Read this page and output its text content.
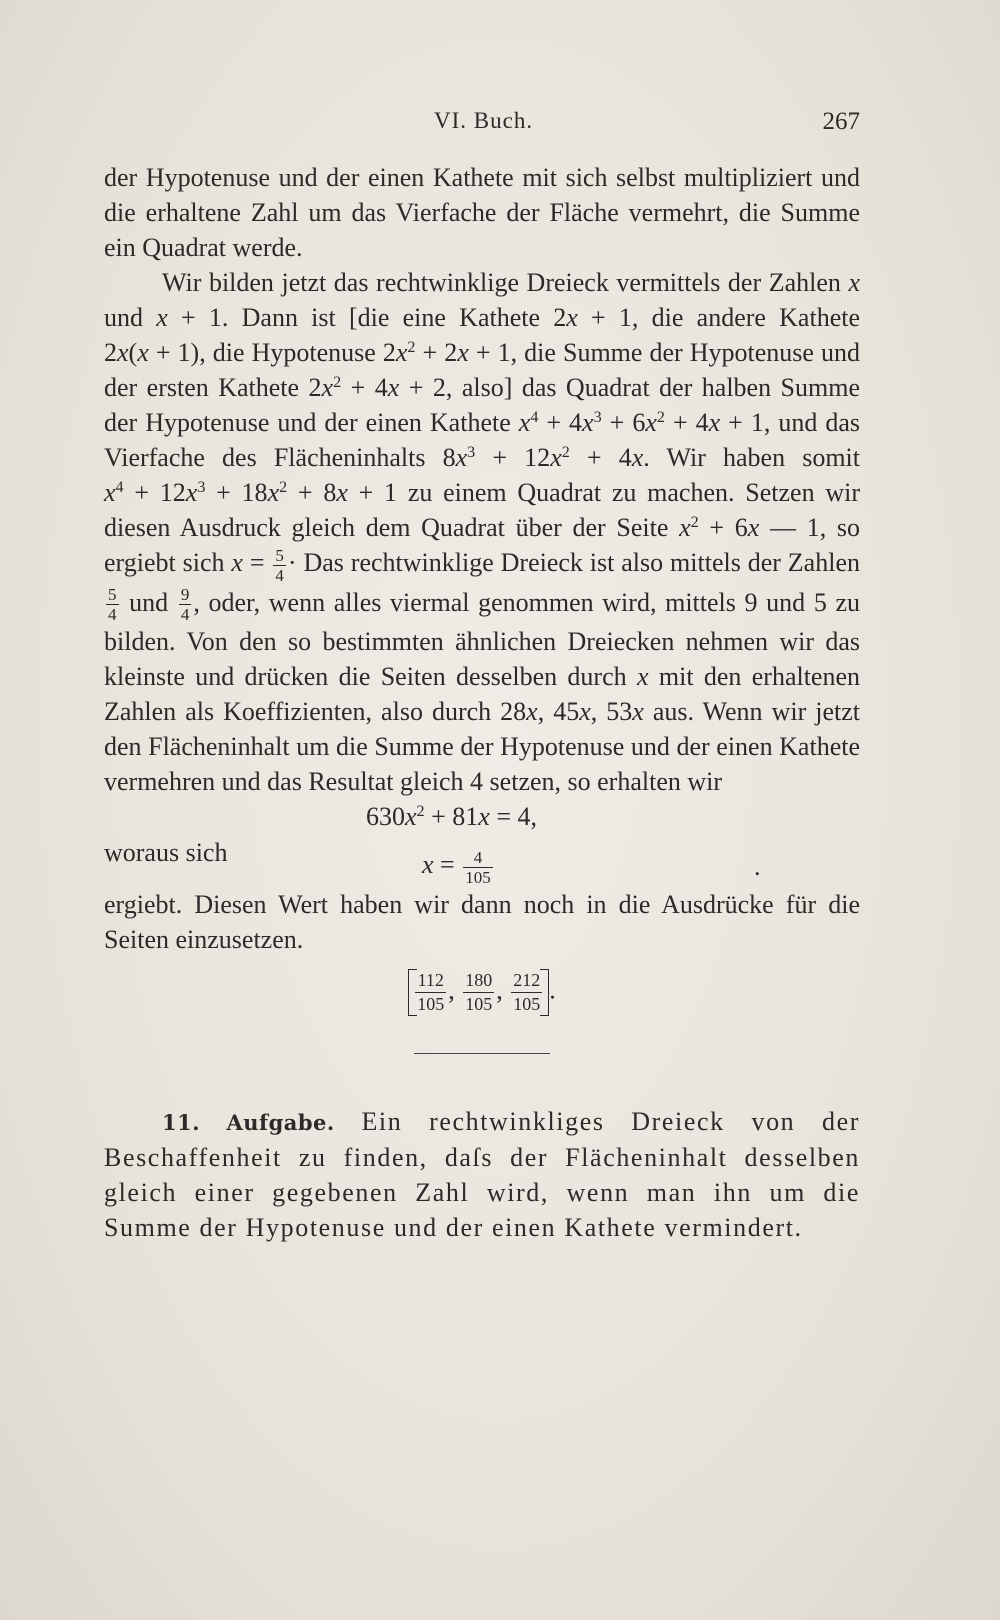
VI. Buch.	267

der Hypotenuse und der einen Kathete mit sich selbst multipliziert und die erhaltene Zahl um das Vierfache der Fläche vermehrt, die Summe ein Quadrat werde.

Wir bilden jetzt das rechtwinklige Dreieck vermittels der Zahlen x und x + 1. Dann ist [die eine Kathete 2x + 1, die andere Kathete 2x(x + 1), die Hypotenuse $2x^2 + 2x + 1$, die Summe der Hypotenuse und der ersten Kathete $2x^2 + 4x + 2$, also] das Quadrat der halben Summe der Hypotenuse und der einen Kathete $x^4 + 4x^3 + 6x^2 + 4x + 1$, und das Vierfache des Flächeninhalts $8x^3 + 12x^2 + 4x$. Wir haben somit $x^4 + 12x^3 + 18x^2 + 8x + 1$ zu einem Quadrat zu machen. Setzen wir diesen Ausdruck gleich dem Quadrat über der Seite $x^2 + 6x$ — 1, so ergiebt sich $x = \frac{5}{4}$ · Das rechtwinklige Dreieck ist also mittels der Zahlen
$\frac{5}{4}$ und $\frac{9}{4}$ , oder, wenn alles viermal genommen wird, mittels 9 und 5 zu bilden. Von den so bestimmten ähnlichen Dreiecken nehmen wir das kleinste und drücken die Seiten desselben durch x mit den erhaltenen Zahlen als Koeffizienten, also durch 28x, 45x, 53x aus. Wenn wir jetzt den Flächeninhalt um die Summe der Hypotenuse und der einen Kathete vermehren und das Resultat gleich 4 setzen, so erhalten wir

$630x^2 + 81x = 4$,
woraus sich	$x = \frac{4}{105}$	.

ergiebt. Diesen Wert haben wir dann noch in die Ausdrücke für die Seiten einzusetzen.

$\frac{112}{105}$ , $\frac{180}{105}$ , $\frac{212}{105}$ .

11. Aufgabe. Ein rechtwinkliges Dreieck von der Beschaffenheit zu finden, daſs der Flächeninhalt desselben gleich einer gegebenen Zahl wird, wenn man ihn um die Summe der Hypotenuse und der einen Kathete vermindert.
